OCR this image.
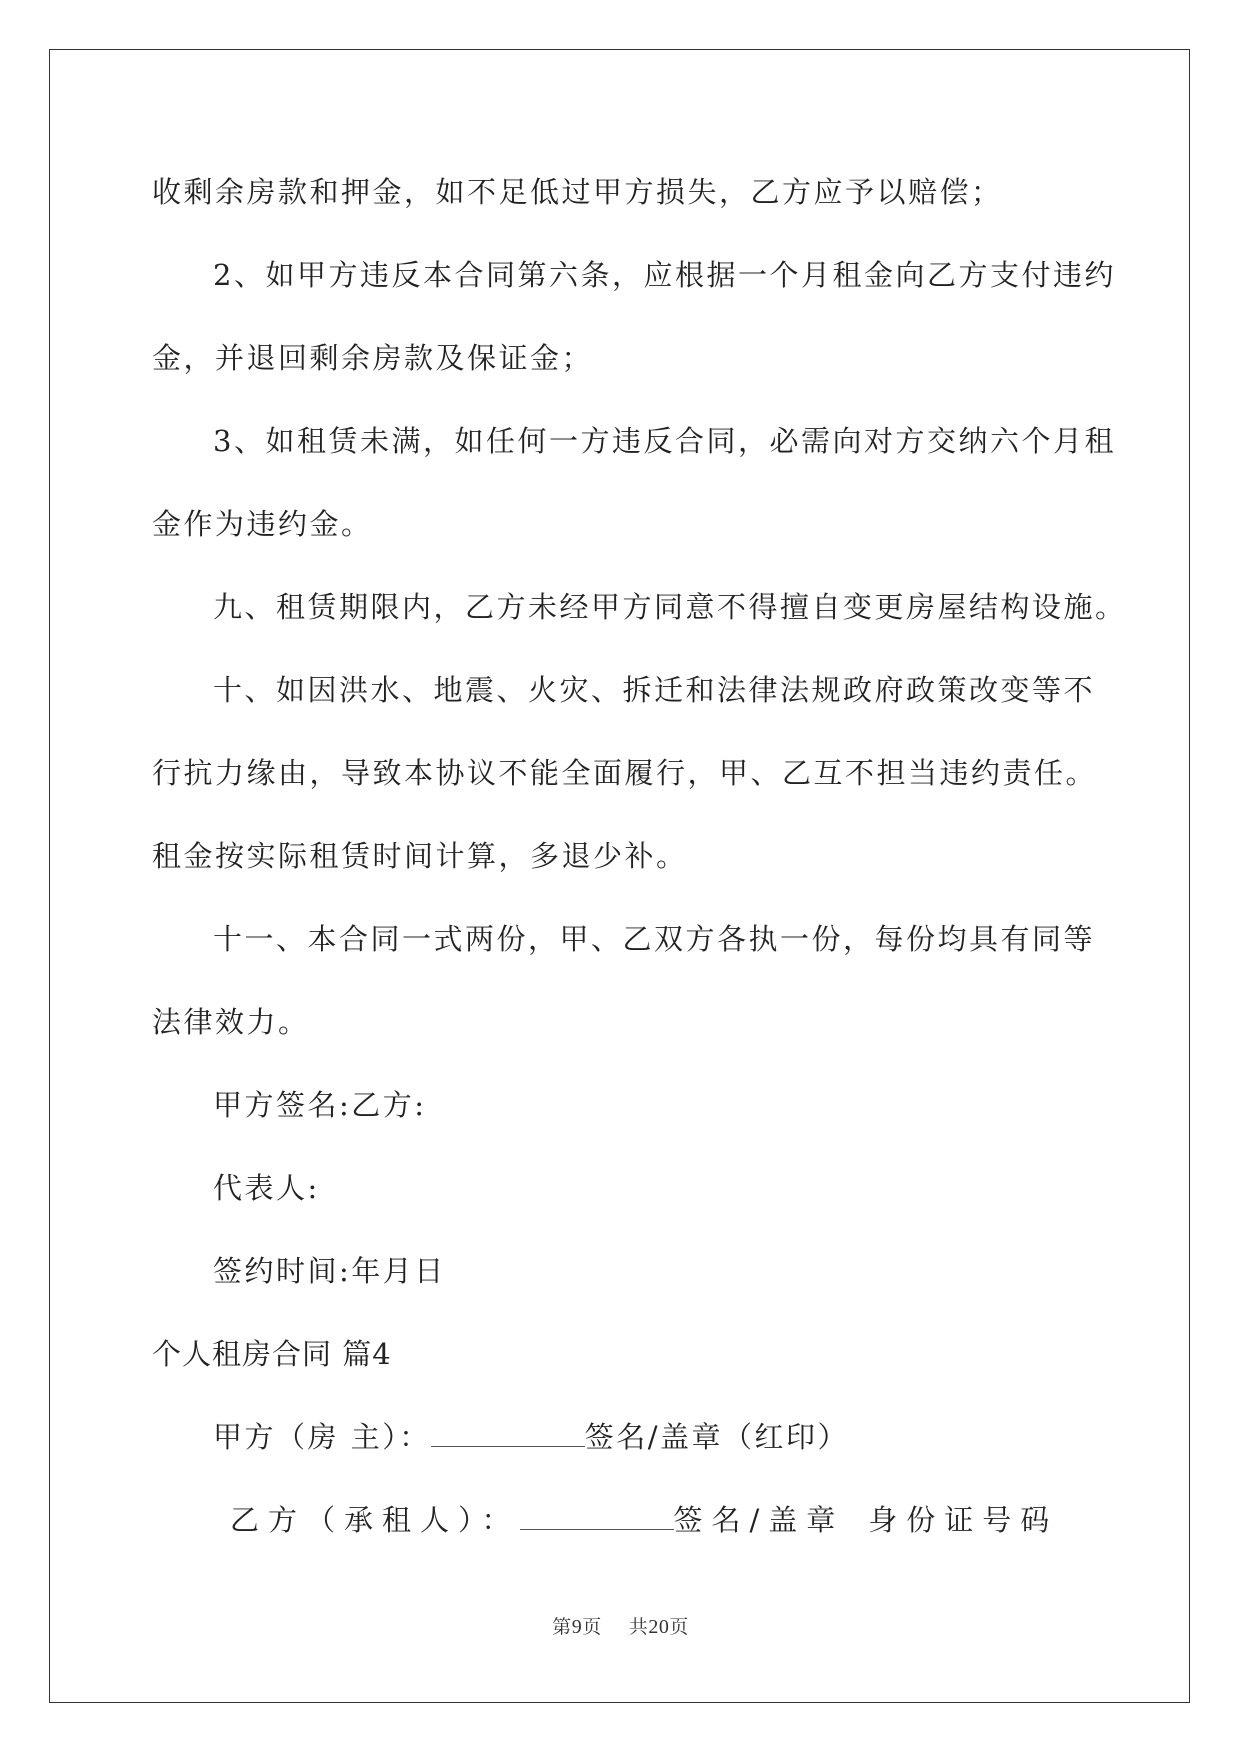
收剩余房款和押金，如不足低过甲方损失，乙方应予以赔偿；
2、如甲方违反本合同第六条，应根据一个月租金向乙方支付违约
金，并退回剩余房款及保证金；
3、如租赁未满，如任何一方违反合同，必需向对方交纳六个月租
金作为违约金。
九、租赁期限内，乙方未经甲方同意不得擅自变更房屋结构设施。
十、如因洪水、地震、火灾、拆迁和法律法规政府政策改变等不
行抗力缘由，导致本协议不能全面履行，甲、乙互不担当违约责任。
租金按实际租赁时间计算，多退少补。
十一、本合同一式两份，甲、乙双方各执一份，每份均具有同等
法律效力。
甲方签名:乙方:
代表人:
签约时间:年月日
个人租房合同 篇4
甲方（房 主）：	签名/盖章（红印）
乙方（承租人）：	签名/盖章 身份证号码
第9页 共20页
